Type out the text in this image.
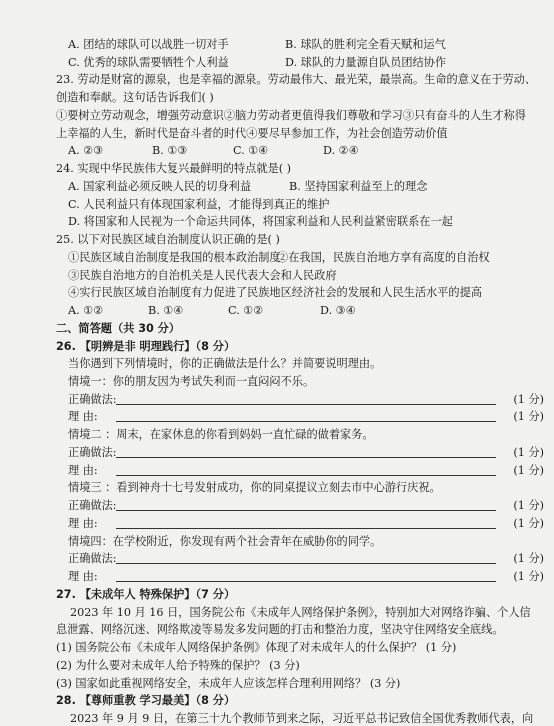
A. 团结的球队可以战胜一切对手	B. 球队的胜利完全看天赋和运气
C. 优秀的球队需要牺牲个人利益	D. 球队的力量源自队员团结协作
23. 劳动是财富的源泉，也是幸福的源泉。劳动最伟大、最光荣，最崇高。生命的意义在于劳动、
创造和奉献。这句话告诉我们( )
①要树立劳动观念，增强劳动意识②脑力劳动者更值得我们尊敬和学习③只有奋斗的人生才称得
上幸福的人生，新时代是奋斗者的时代④要尽早参加工作，为社会创造劳动价值
A. ②③	B. ①③	C. ①④	D. ②④
24. 实现中华民族伟大复兴最鲜明的特点就是( )
A. 国家利益必须反映人民的切身利益	B. 坚持国家利益至上的理念
C. 人民利益只有体现国家利益，才能得到真正的维护
D. 将国家和人民视为一个命运共同体，将国家利益和人民利益紧密联系在一起
25. 以下对民族区域自治制度认识正确的是( )
①民族区域自治制度是我国的根本政治制度
②在我国，民族自治地方享有高度的自治权
③民族自治地方的自治机关是人民代表大会和人民政府
④实行民族区域自治制度有力促进了民族地区经济社会的发展和人民生活水平的提高
A. ①②	B. ①④	C. ①②	D. ③④
二、简答题（共 30 分）
26. 【明辨是非 明理践行】（8 分）
当你遇到下列情境时，你的正确做法是什么？并简要说明理由。
情境一：你的朋友因为考试失利而一直闷闷不乐。
正确做法:	(1 分)
理 由:	(1 分)
情境二 ：周末，在家休息的你看到妈妈一直忙碌的做着家务。
正确做法:	(1 分)
理 由:	(1 分)
情境三 ：看到神舟十七号发射成功，你的同桌提议立刻去市中心游行庆祝。
正确做法:	(1 分)
理 由:	(1 分)
情境四：在学校附近，你发现有两个社会青年在威胁你的同学。
正确做法:	(1 分)
理 由:	(1 分)
27. 【未成年人 特殊保护】（7 分）
2023 年 10 月 16 日，国务院公布《未成年人网络保护条例》，特别加大对网络诈骗、个人信
息泄露、网络沉迷、网络欺凌等易发多发问题的打击和整治力度，坚决守住网络安全底线。
(1) 国务院公布《未成年人网络保护条例》体现了对未成年人的什么保护？ (1 分)
(2) 为什么要对未成年人给予特殊的保护？ (3 分)
(3) 国家如此重视网络安全，未成年人应该怎样合理利用网络？ (3 分)
28. 【尊师重教 学习最美】（8 分）
2023 年 9 月 9 日，在第三十九个教师节到来之际，习近平总书记致信全国优秀教师代表，向
